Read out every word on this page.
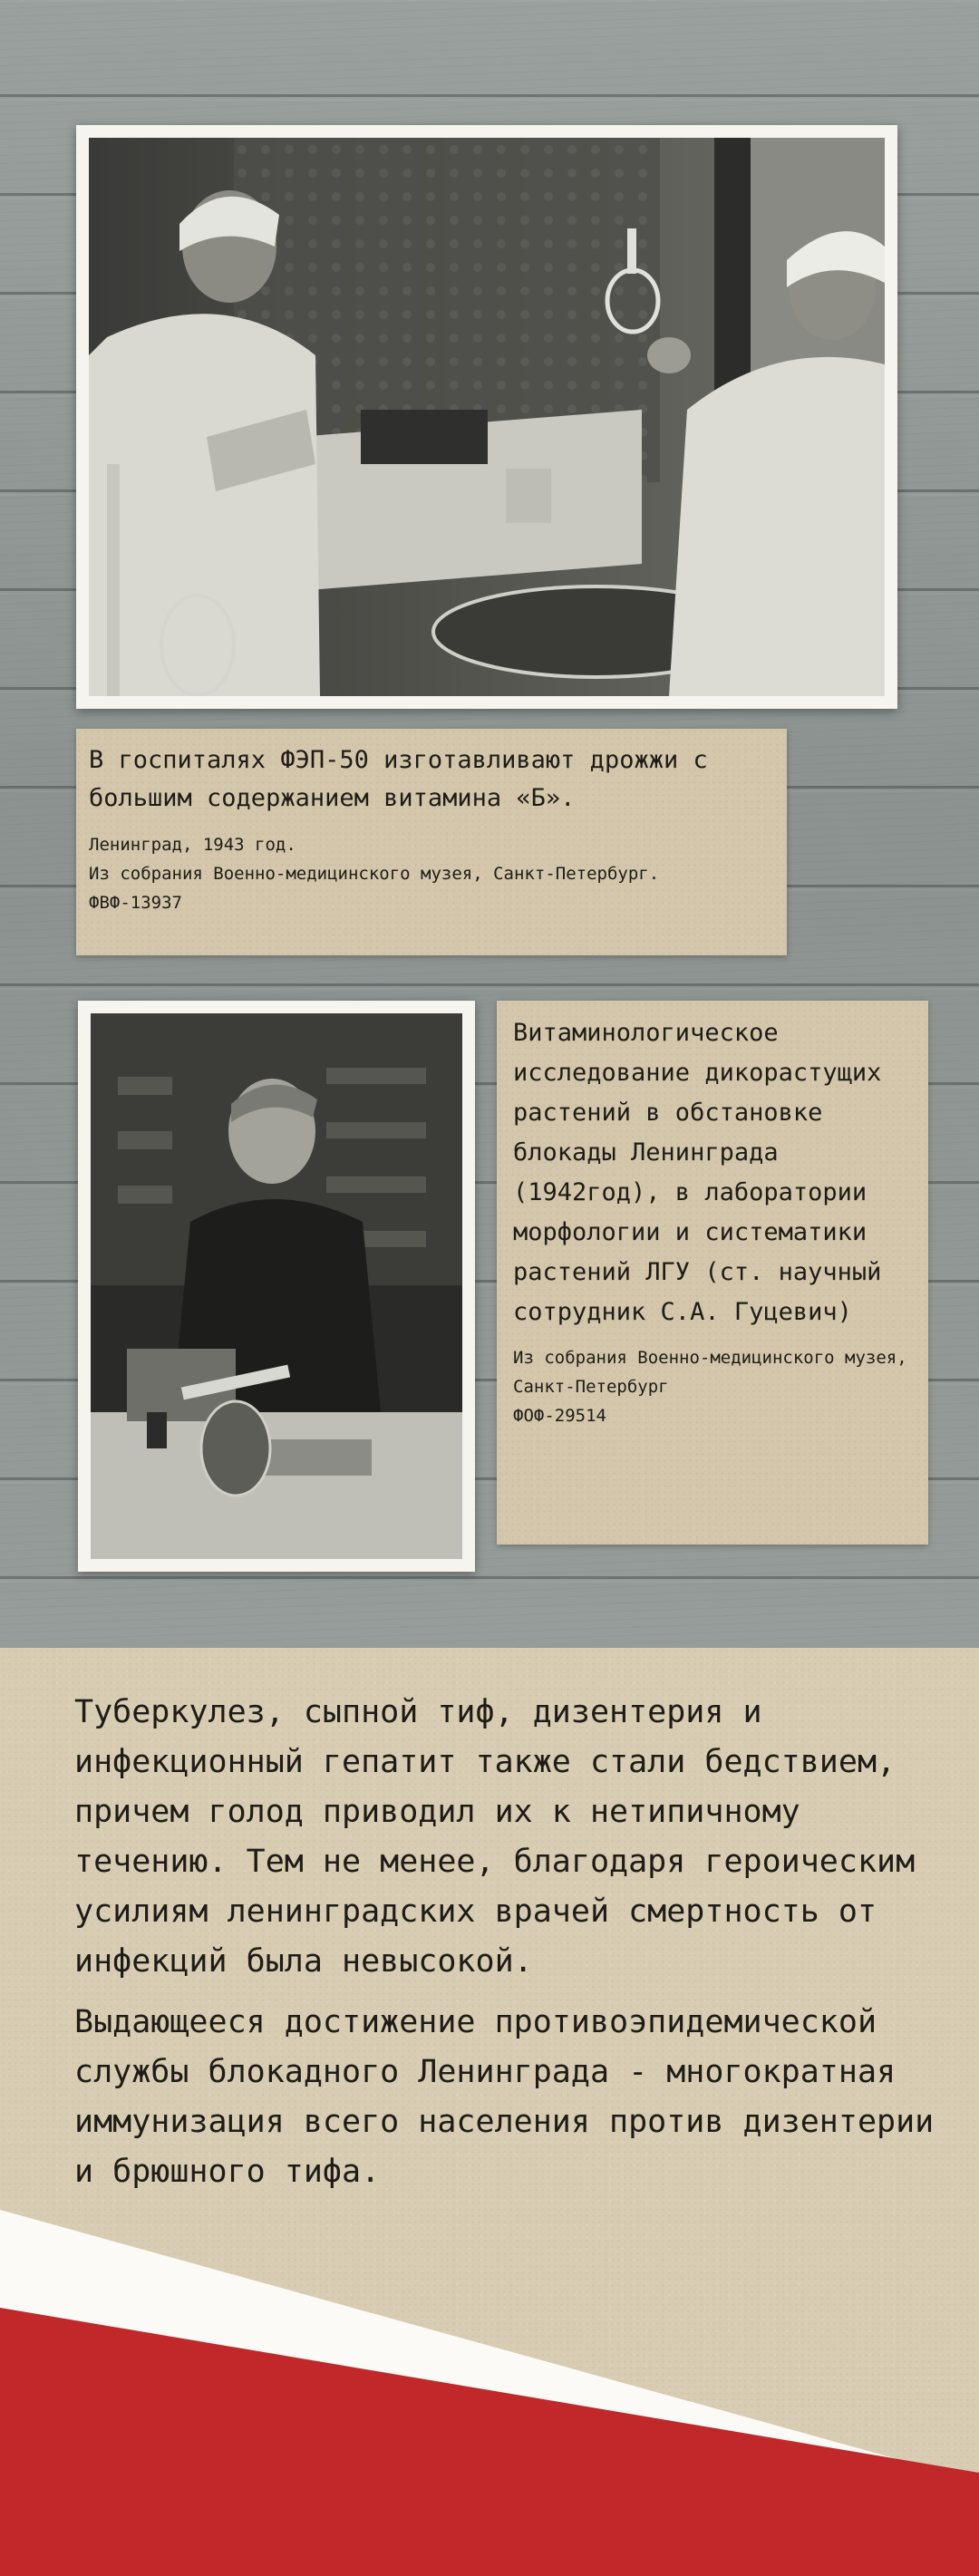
В госпиталях ФЭП-50 изготавливают дрожжи с большим содержанием витамина «Б».

Ленинград, 1943 год.

Из собрания Военно-медицинского музея, Санкт-Петербург.

ФВФ-13937

Витаминологическое исследование дикорастущих растений в обстановке блокады Ленинграда (1942год), в лаборатории морфологии и систематики растений ЛГУ (ст. научный сотрудник С.А. Гуцевич)

Из собрания Военно-медицинского музея, Санкт-Петербург

ФОФ-29514

Туберкулез, сыпной тиф, дизентерия и инфекционный гепатит также стали бедствием, причем голод приводил их к нетипичному течению. Тем не менее, благодаря героическим усилиям ленинградских врачей смертность от инфекций была невысокой.

Выдающееся достижение противоэпидемической службы блокадного Ленинграда - многократная иммунизация всего населения против дизентерии и брюшного тифа.
